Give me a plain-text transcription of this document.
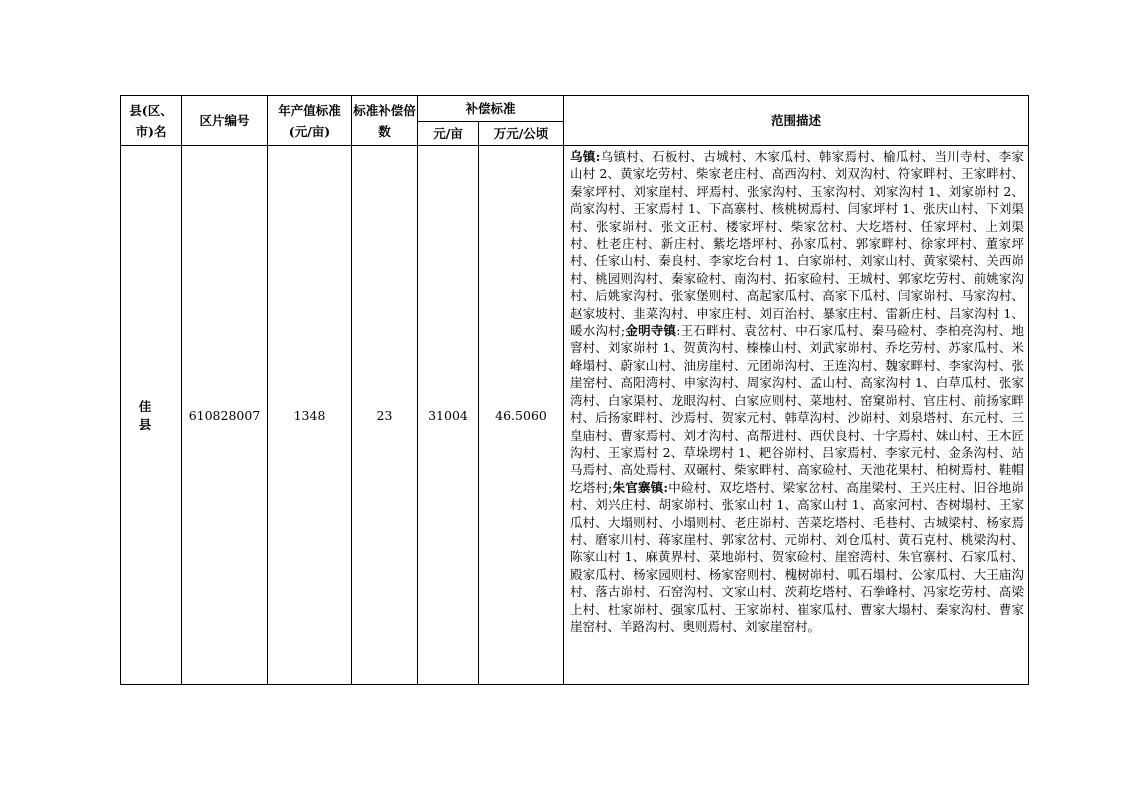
县(区、市)名	区片编号	年产值标准(元/亩)	标准补偿倍数	补偿标准		范围描述
				元/亩	万元/公顷	
佳 县	610828007	1348	23	31004	46.5060	乌镇:乌镇村、石板村、古城村、木家瓜村、韩家焉村、榆瓜村、当川寺村、李家山村 2、黄家圪劳村、柴家老庄村、高西沟村、刘双沟村、符家畔村、王家畔村、秦家坪村、刘家崖村、坪焉村、张家沟村、玉家沟村、刘家沟村 1、刘家峁村 2、尚家沟村、王家焉村 1、下高寨村、核桃树焉村、闫家坪村 1、张庆山村、下刘渠村、张家峁村、张文正村、楼家坪村、柴家岔村、大圪塔村、任家坪村、上刘渠村、杜老庄村、新庄村、紫圪塔坪村、孙家瓜村、郭家畔村、徐家坪村、董家坪村、任家山村、秦良村、李家圪台村 1、白家峁村、刘家山村、黄家梁村、关西峁村、桃园则沟村、秦家硷村、南沟村、拓家硷村、王城村、郭家圪劳村、前姚家沟村、后姚家沟村、张家堡则村、高起家瓜村、高家下瓜村、闫家峁村、马家沟村、赵家坡村、韭菜沟村、申家庄村、刘百治村、暴家庄村、雷新庄村、吕家沟村 1、暖水沟村;金明寺镇:王石畔村、袁岔村、中石家瓜村、秦马硷村、李柏亮沟村、地窨村、刘家峁村 1、贺黄沟村、榛榛山村、刘武家峁村、乔圪劳村、苏家瓜村、米峰塌村、蔚家山村、油房崖村、元团峁沟村、王连沟村、魏家畔村、李家沟村、张崖窑村、高阳湾村、申家沟村、周家沟村、孟山村、高家沟村 1、白草瓜村、张家湾村、白家渠村、龙眼沟村、白家应则村、菜地村、窑窠峁村、官庄村、前扬家畔村、后扬家畔村、沙焉村、贺家元村、韩草沟村、沙峁村、刘泉塔村、东元村、三皇庙村、曹家焉村、刘才沟村、高帮进村、西伏良村、十字焉村、妹山村、王木匠沟村、王家焉村 2、草垛塄村 1、耙谷峁村、吕家焉村、李家元村、金条沟村、站马焉村、高处焉村、双碾村、柴家畔村、高家硷村、天池花果村、柏树焉村、鞋帽圪塔村;朱官寨镇:中硷村、双圪塔村、梁家岔村、高崖梁村、王兴庄村、旧谷地峁村、刘兴庄村、胡家峁村、张家山村 1、高家山村 1、高家河村、杏树塌村、王家瓜村、大塌则村、小塌则村、老庄峁村、苦菜圪塔村、毛巷村、古城梁村、杨家焉村、磨家川村、蒋家崖村、郭家岔村、元峁村、刘仓瓜村、黄石克村、桃梁沟村、陈家山村 1、麻黄界村、菜地峁村、贺家硷村、崖窑湾村、朱官寨村、石家瓜村、殿家瓜村、杨家园则村、杨家窑则村、槐树峁村、呱石塌村、公家瓜村、大王庙沟村、落古峁村、石窑沟村、文家山村、茨莉圪塔村、石拳峰村、冯家圪劳村、高梁上村、杜家峁村、强家瓜村、王家峁村、崔家瓜村、曹家大塌村、秦家沟村、曹家崖窑村、羊路沟村、奥则焉村、刘家崖窑村。
